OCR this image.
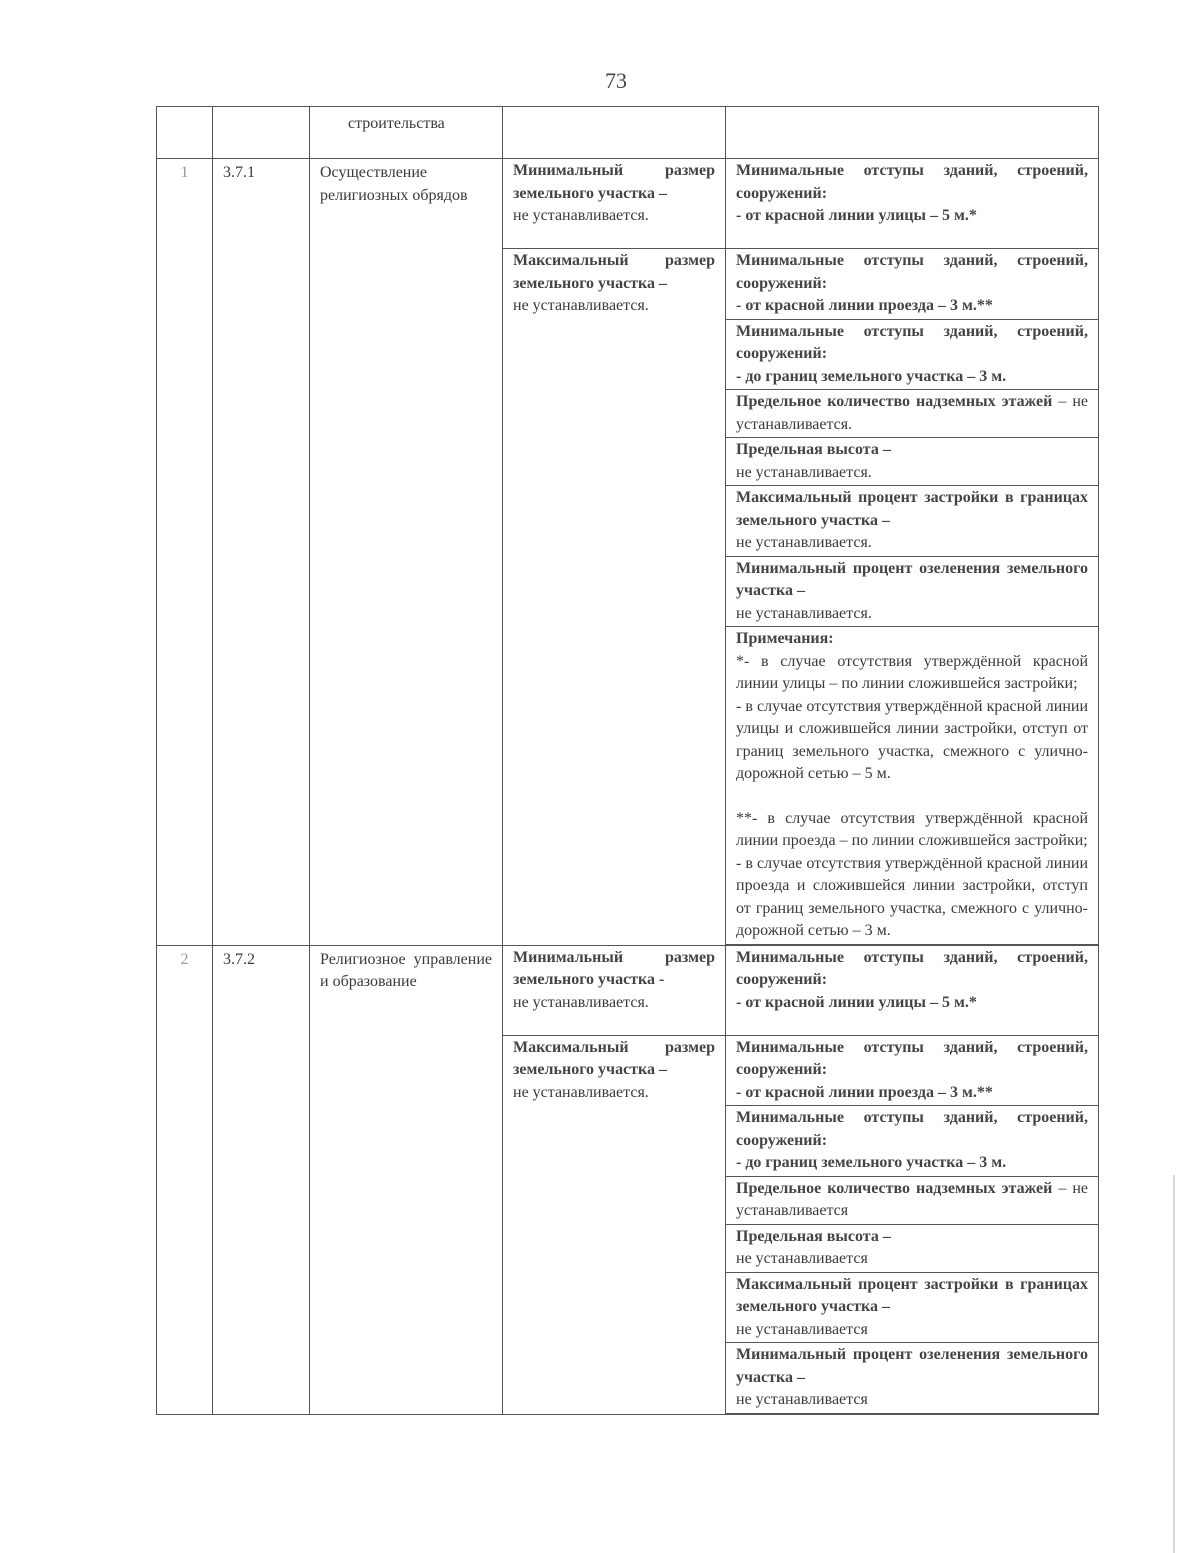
73
		строительства		
1	3.7.1	Осуществление религиозных обрядов	Минимальный размер земельного участка –
не устанавливается.	Минимальные отступы зданий, строений, сооружений:
- от красной линии улицы – 5 м.*
			Максимальный размер земельного участка –
не устанавливается.	Минимальные отступы зданий, строений, сооружений:
- от красной линии проезда – 3 м.**
				Минимальные отступы зданий, строений, сооружений:
- до границ земельного участка – 3 м.
				Предельное количество надземных этажей – не устанавливается.
				Предельная высота –
не устанавливается.
				Максимальный процент застройки в границах земельного участка –
не устанавливается.
				Минимальный процент озеленения земельного участка –
не устанавливается.

				Примечания:
*- в случае отсутствия утверждённой красной линии улицы – по линии сложившейся застройки;
- в случае отсутствия утверждённой красной линии улицы и сложившейся линии застройки, отступ от границ земельного участка, смежного с улично-дорожной сетью – 5 м.
**- в случае отсутствия утверждённой красной линии проезда – по линии сложившейся застройки;
- в случае отсутствия утверждённой красной линии проезда и сложившейся линии застройки, отступ от границ земельного участка, смежного с улично-дорожной сетью – 3 м.

2	3.7.2	Религиозное управление и образование	Минимальный размер земельного участка -
не устанавливается.	Минимальные отступы зданий, строений, сооружений:
- от красной линии улицы – 5 м.*
			Максимальный размер земельного участка –
не устанавливается.	Минимальные отступы зданий, строений, сооружений:
- от красной линии проезда – 3 м.**
				Минимальные отступы зданий, строений, сооружений:
- до границ земельного участка – 3 м.
				Предельное количество надземных этажей – не устанавливается
				Предельная высота –
не устанавливается
				Максимальный процент застройки в границах земельного участка –
не устанавливается
				Минимальный процент озеленения земельного участка –
не устанавливается
